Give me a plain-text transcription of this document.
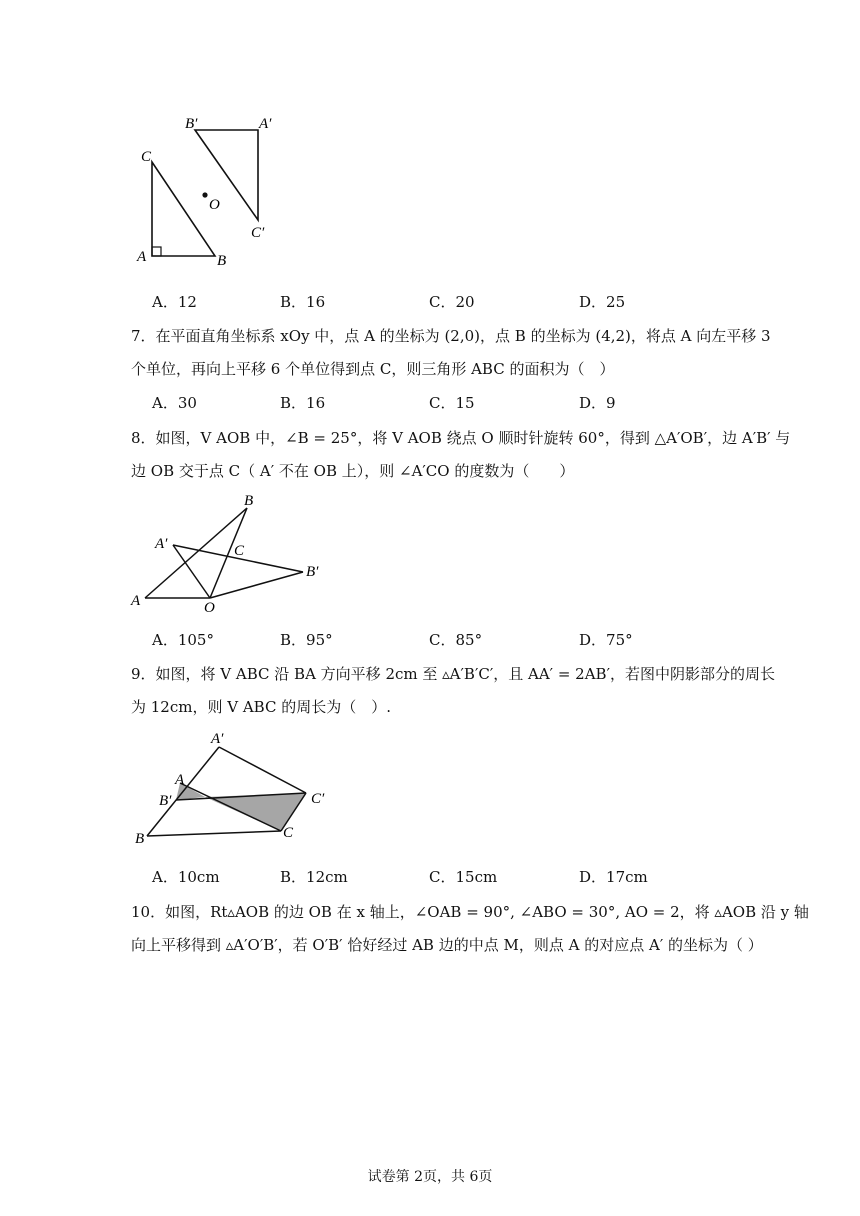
B′	A′
C
O
C′
A	B
A．12	B．16	C．20	D．25
7．在平面直角坐标系 xOy 中，点 A 的坐标为 (2,0)，点 B 的坐标为 (4,2)，将点 A 向左平移 3
个单位，再向上平移 6 个单位得到点 C，则三角形 ABC 的面积为（　）
A．30	B．16	C．15	D．9
8．如图，V AOB 中，∠B = 25°，将 V AOB 绕点 O 顺时针旋转 60°，得到 △A′OB′，边 A′B′ 与
边 OB 交于点 C（ A′ 不在 OB 上），则 ∠A′CO 的度数为（　　）
B
A′	C
B′
A	O
A．105°	B．95°	C．85°	D．75°
9．如图，将 V ABC 沿 BA 方向平移 2cm 至 ▵A′B′C′，且 AA′ = 2AB′，若图中阴影部分的周长
为 12cm，则 V ABC 的周长为（　）.
A′
A
B′	C′
C
B
A．10cm	B．12cm	C．15cm	D．17cm
10．如图，Rt▵AOB 的边 OB 在 x 轴上，∠OAB = 90°, ∠ABO = 30°, AO = 2，将 ▵AOB 沿 y 轴
向上平移得到 ▵A′O′B′，若 O′B′ 恰好经过 AB 边的中点 M，则点 A 的对应点 A′ 的坐标为（ ）
试卷第 2页，共 6页
